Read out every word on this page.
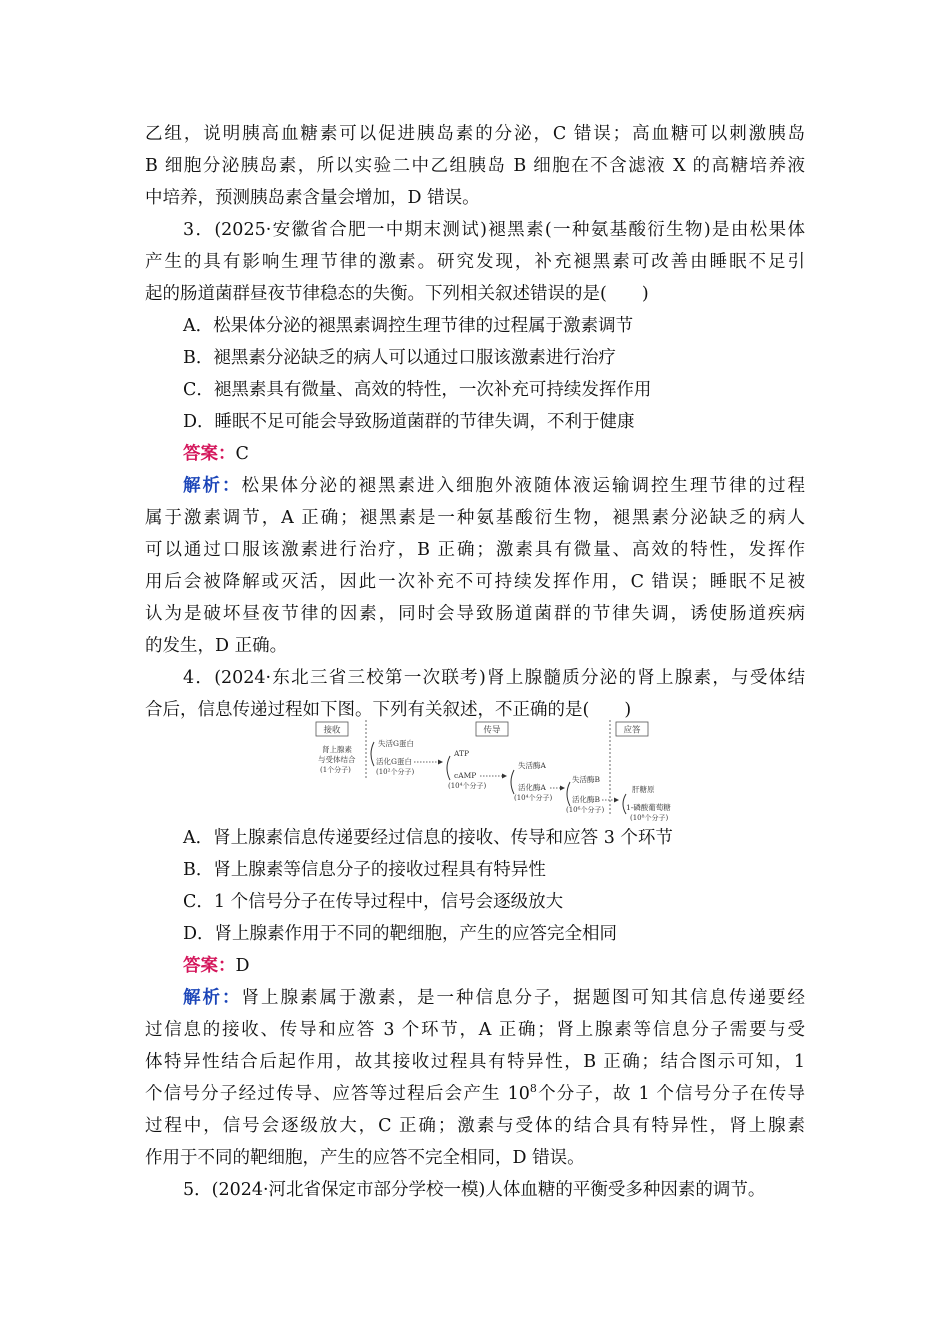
乙组，说明胰高血糖素可以促进胰岛素的分泌，C 错误；高血糖可以刺激胰岛
B 细胞分泌胰岛素，所以实验二中乙组胰岛 B 细胞在不含滤液 X 的高糖培养液
中培养，预测胰岛素含量会增加，D 错误。
3．(2025·安徽省合肥一中期末测试)褪黑素(一种氨基酸衍生物)是由松果体
产生的具有影响生理节律的激素。研究发现，补充褪黑素可改善由睡眠不足引
起的肠道菌群昼夜节律稳态的失衡。下列相关叙述错误的是(　　)
A．松果体分泌的褪黑素调控生理节律的过程属于激素调节
B．褪黑素分泌缺乏的病人可以通过口服该激素进行治疗
C．褪黑素具有微量、高效的特性，一次补充可持续发挥作用
D．睡眠不足可能会导致肠道菌群的节律失调，不利于健康
答案：C
解析：松果体分泌的褪黑素进入细胞外液随体液运输调控生理节律的过程
属于激素调节，A 正确；褪黑素是一种氨基酸衍生物，褪黑素分泌缺乏的病人
可以通过口服该激素进行治疗，B 正确；激素具有微量、高效的特性，发挥作
用后会被降解或灭活，因此一次补充不可持续发挥作用，C 错误；睡眠不足被
认为是破坏昼夜节律的因素，同时会导致肠道菌群的节律失调，诱使肠道疾病
的发生，D 正确。
4．(2024·东北三省三校第一次联考)肾上腺髓质分泌的肾上腺素，与受体结
合后，信息传递过程如下图。下列有关叙述，不正确的是(　　)
接收	传导	应答
肾上腺素
与受体结合
(1个分子)
失活G蛋白
活化G蛋白
(10²个分子)
ATP
cAMP
(10⁴个分子)
失活酶A
活化酶A
(10⁴个分子)
失活酶B
活化酶B
(10⁶个分子)
肝糖原
1-磷酸葡萄糖
(10⁸个分子)
A．肾上腺素信息传递要经过信息的接收、传导和应答 3 个环节
B．肾上腺素等信息分子的接收过程具有特异性
C．1 个信号分子在传导过程中，信号会逐级放大
D．肾上腺素作用于不同的靶细胞，产生的应答完全相同
答案：D
解析：肾上腺素属于激素，是一种信息分子，据题图可知其信息传递要经
过信息的接收、传导和应答 3 个环节，A 正确；肾上腺素等信息分子需要与受
体特异性结合后起作用，故其接收过程具有特异性，B 正确；结合图示可知，1
个信号分子经过传导、应答等过程后会产生 $10^8$个分子，故 1 个信号分子在传导
过程中，信号会逐级放大，C 正确；激素与受体的结合具有特异性，肾上腺素
作用于不同的靶细胞，产生的应答不完全相同，D 错误。
5．(2024·河北省保定市部分学校一模)人体血糖的平衡受多种因素的调节。
